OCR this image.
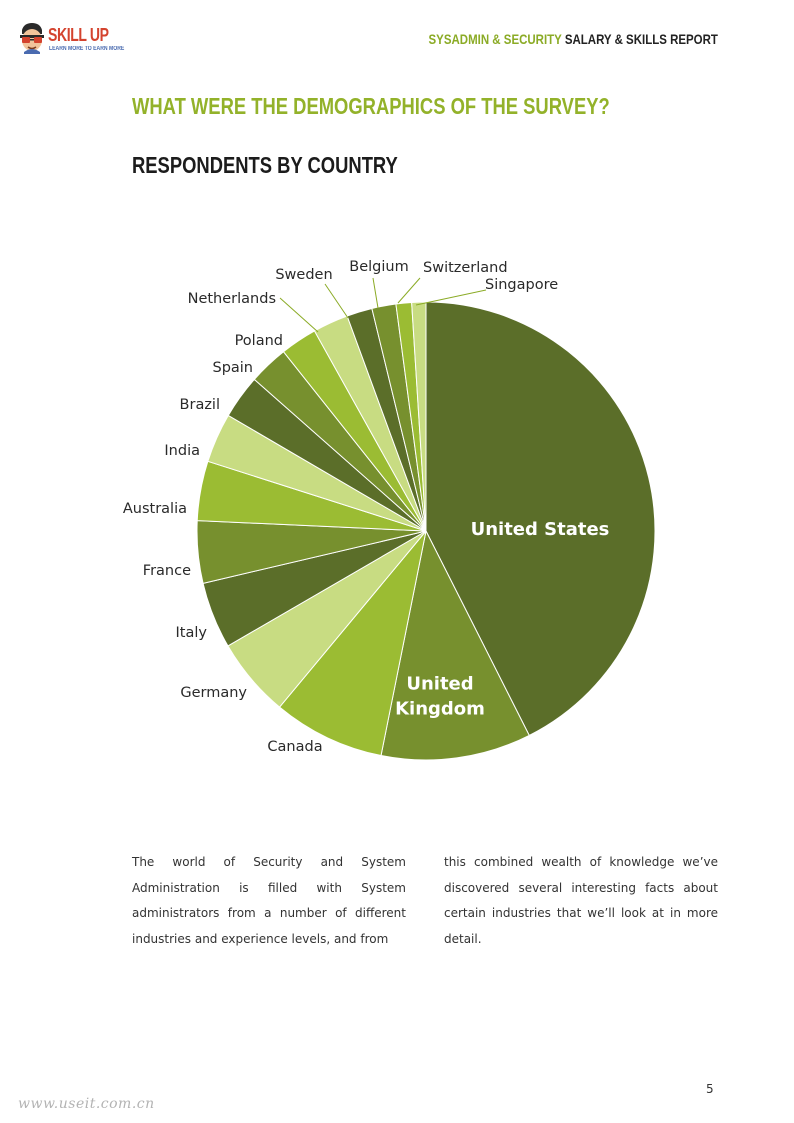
SKILL UP
LEARN MORE TO EARN MORE
SYSADMIN & SECURITY SALARY & SKILLS REPORT
WHAT WERE THE DEMOGRAPHICS OF THE SURVEY?
RESPONDENTS BY COUNTRY
United States
United Kingdom
Canada
Germany
Italy
France
Australia
India
Brazil
Spain
Poland
Netherlands
Sweden Belgium Switzerland
Singapore
The world of Security and System Administration is filled with System administrators from a number of different industries and experience levels, and from
this combined wealth of knowledge we’ve discovered several interesting facts about certain industries that we’ll look at in more detail.
5
www.useit.com.cn
